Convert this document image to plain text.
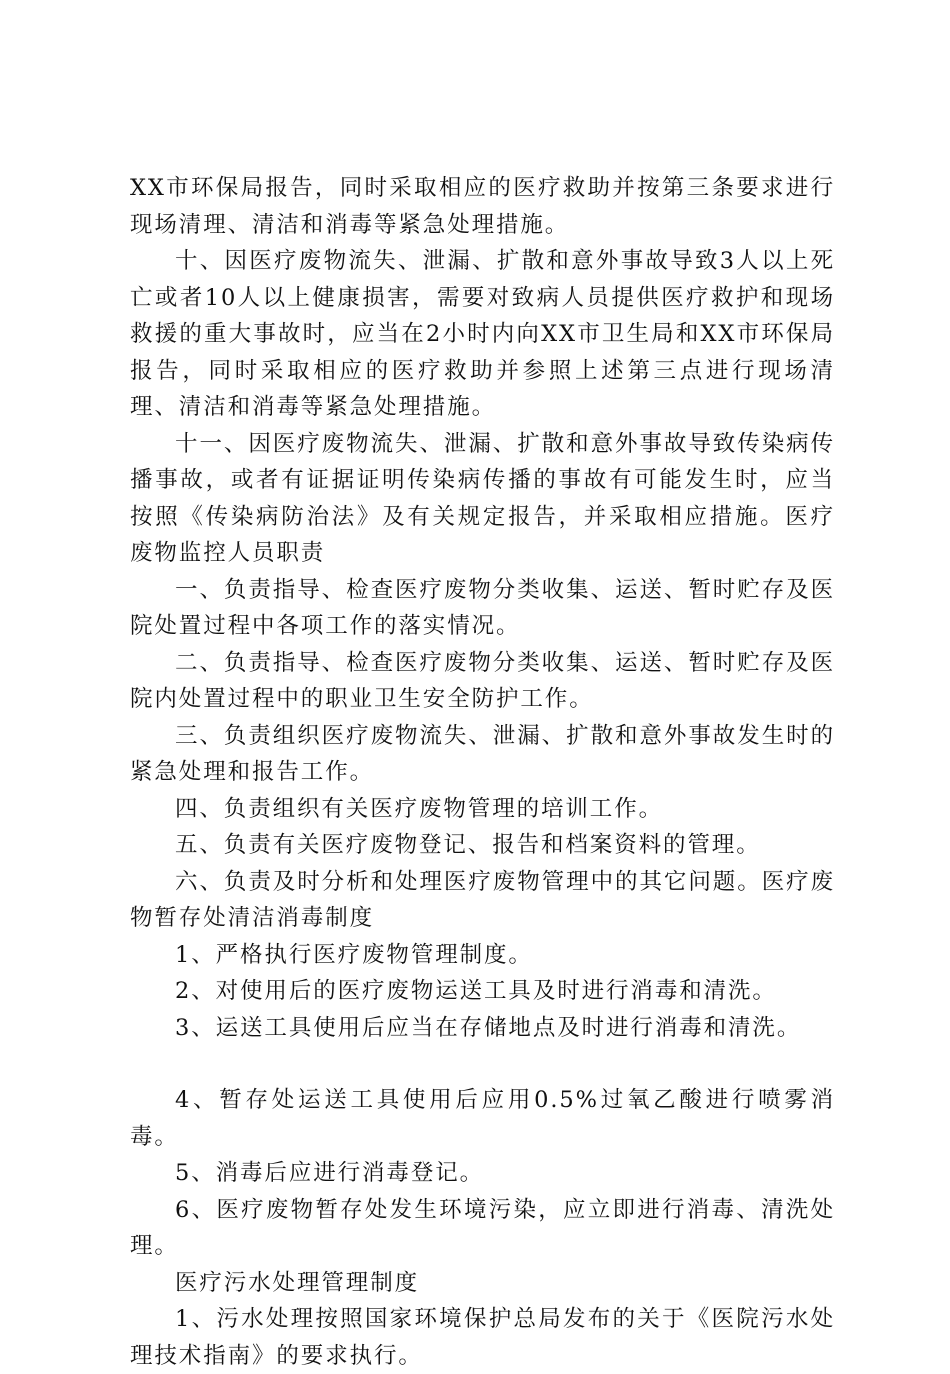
XX市环保局报告，同时采取相应的医疗救助并按第三条要求进行现场清理、清洁和消毒等紧急处理措施。

十、因医疗废物流失、泄漏、扩散和意外事故导致3人以上死亡或者10人以上健康损害，需要对致病人员提供医疗救护和现场救援的重大事故时，应当在2小时内向XX市卫生局和XX市环保局报告，同时采取相应的医疗救助并参照上述第三点进行现场清理、清洁和消毒等紧急处理措施。

十一、因医疗废物流失、泄漏、扩散和意外事故导致传染病传播事故，或者有证据证明传染病传播的事故有可能发生时，应当按照《传染病防治法》及有关规定报告，并采取相应措施。医疗废物监控人员职责

一、负责指导、检查医疗废物分类收集、运送、暂时贮存及医院处置过程中各项工作的落实情况。

二、负责指导、检查医疗废物分类收集、运送、暂时贮存及医院内处置过程中的职业卫生安全防护工作。

三、负责组织医疗废物流失、泄漏、扩散和意外事故发生时的紧急处理和报告工作。

四、负责组织有关医疗废物管理的培训工作。

五、负责有关医疗废物登记、报告和档案资料的管理。

六、负责及时分析和处理医疗废物管理中的其它问题。医疗废物暂存处清洁消毒制度

1、严格执行医疗废物管理制度。

2、对使用后的医疗废物运送工具及时进行消毒和清洗。

3、运送工具使用后应当在存储地点及时进行消毒和清洗。

4、暂存处运送工具使用后应用0.5%过氧乙酸进行喷雾消毒。

5、消毒后应进行消毒登记。

6、医疗废物暂存处发生环境污染，应立即进行消毒、清洗处理。

医疗污水处理管理制度

1、污水处理按照国家环境保护总局发布的关于《医院污水处理技术指南》的要求执行。
